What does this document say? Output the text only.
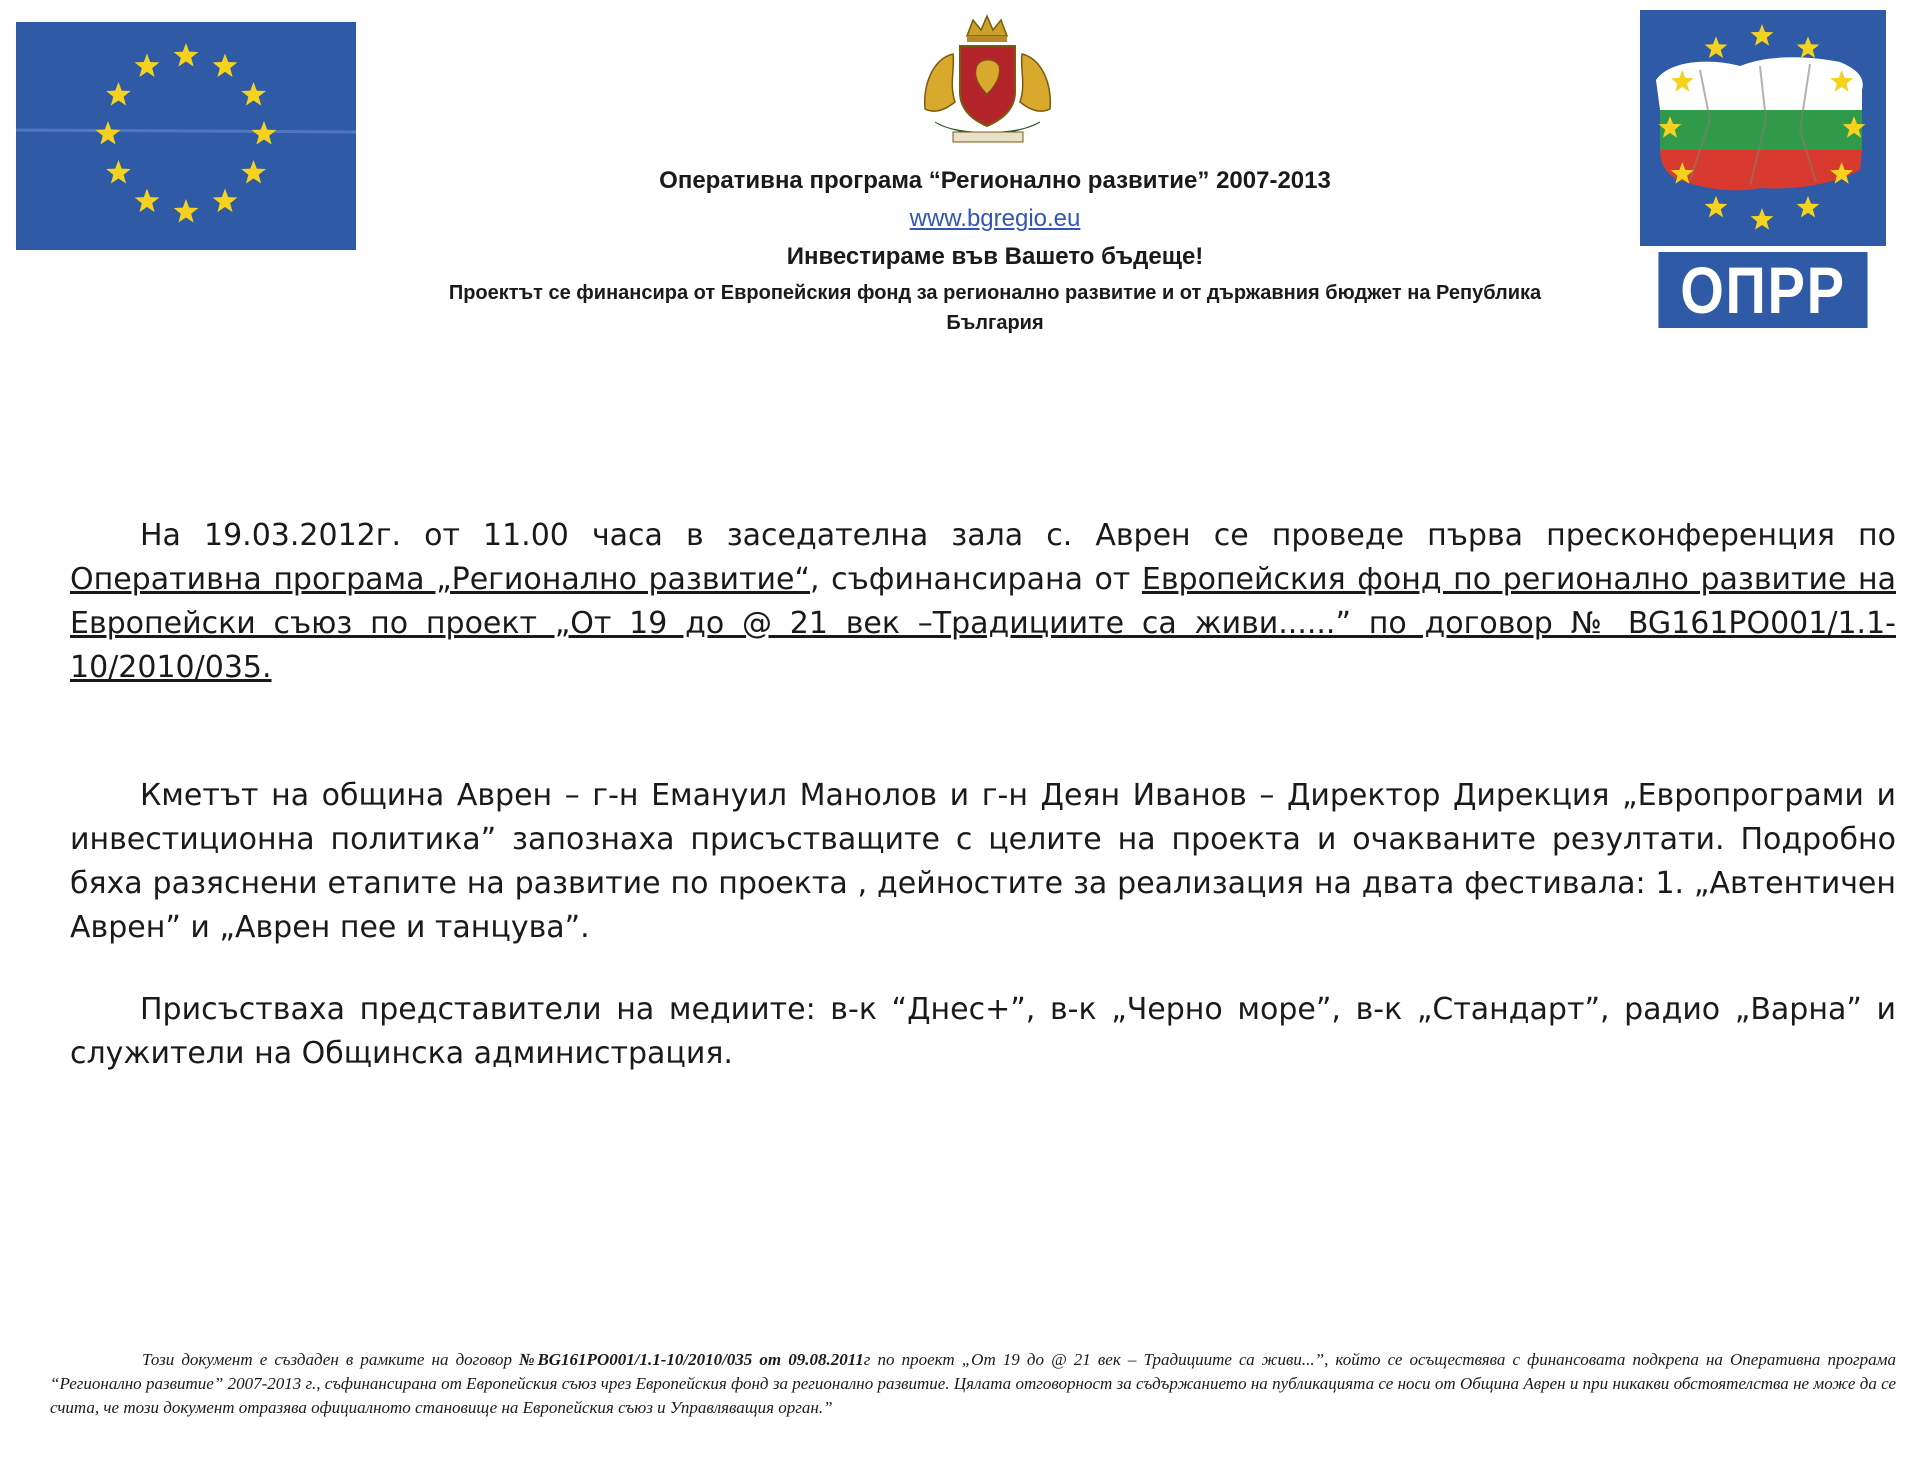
ОПРР
Оперативна програма “Регионално развитие” 2007-2013
www.bgregio.eu
Инвестираме във Вашето бъдеще!
Проектът се финансира от Европейския фонд за регионално развитие и от държавния бюджет на Република
България
На 19.03.2012г. от 11.00 часа в заседателна зала с. Аврен се проведе първа пресконференция по Оперативна програма „Регионално развитие“, съфинансирана от Европейския фонд по регионално развитие на Европейски съюз по проект „От 19 до @ 21 век –Традициите са живи......” по договор № BG161PO001/1.1-10/2010/035.
Кметът на община Аврен – г-н Емануил Манолов и г-н Деян Иванов – Директор Дирекция „Европрограми и инвестиционна политика” запознаха присъстващите с целите на проекта и очакваните резултати. Подробно бяха разяснени етапите на развитие по проекта , дейностите за реализация на двата фестивала: 1. „Автентичен Аврен” и „Аврен пее и танцува”.
Присъстваха представители на медиите: в-к “Днес+”, в-к „Черно море”, в-к „Стандарт”, радио „Варна” и служители на Общинска администрация.
Този документ е създаден в рамките на договор №BG161PO001/1.1-10/2010/035 от 09.08.2011г по проект „От 19 до @ 21 век – Традициите са живи...”, който се осъществява с финансовата подкрепа на Оперативна програма “Регионално развитие” 2007-2013 г., съфинансирана от Европейския съюз чрез Европейския фонд за регионално развитие. Цялата отговорност за съдържанието на публикацията се носи от Община Аврен и при никакви обстоятелства не може да се счита, че този документ отразява официалното становище на Европейския съюз и Управляващия орган.”
